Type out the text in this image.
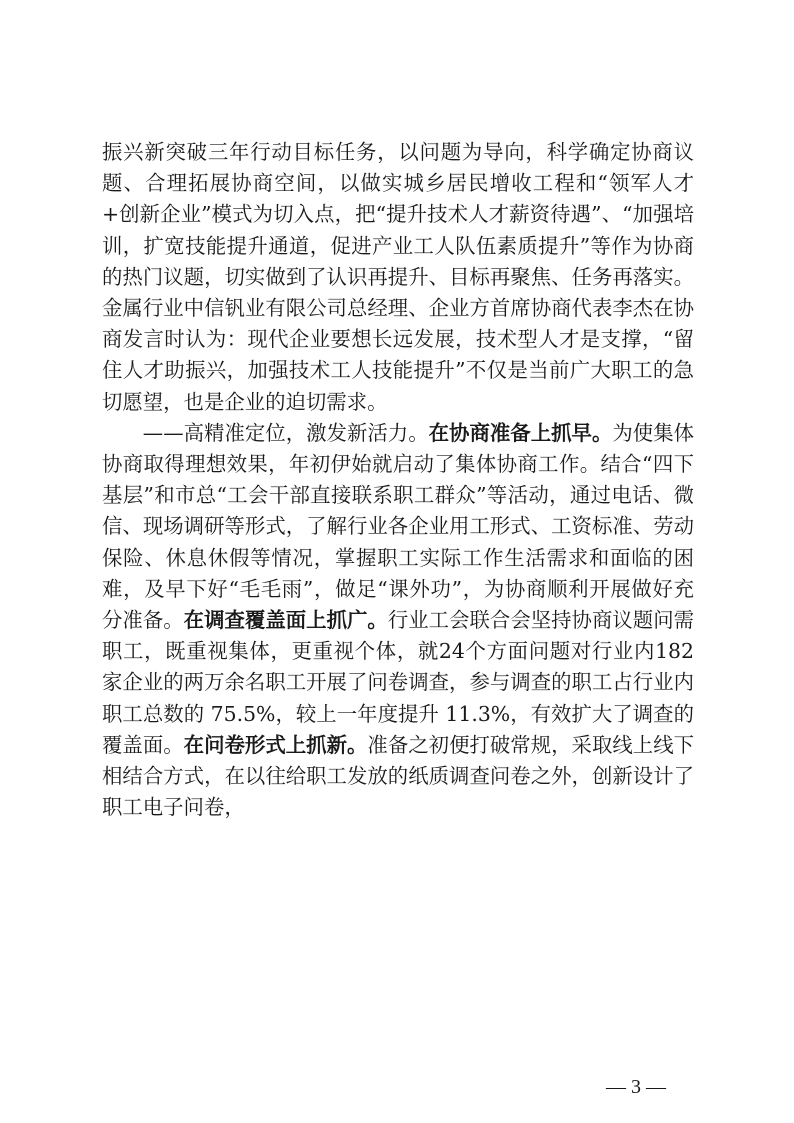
振兴新突破三年行动目标任务，以问题为导向，科学确定协商议题、合理拓展协商空间，以做实城乡居民增收工程和“领军人才+创新企业”模式为切入点，把“提升技术人才薪资待遇”、“加强培训，扩宽技能提升通道，促进产业工人队伍素质提升”等作为协商的热门议题，切实做到了认识再提升、目标再聚焦、任务再落实。金属行业中信钒业有限公司总经理、企业方首席协商代表李杰在协商发言时认为：现代企业要想长远发展，技术型人才是支撑，“留住人才助振兴，加强技术工人技能提升”不仅是当前广大职工的急切愿望，也是企业的迫切需求。

——高精准定位，激发新活力。在协商准备上抓早。为使集体协商取得理想效果，年初伊始就启动了集体协商工作。结合“四下基层”和市总“工会干部直接联系职工群众”等活动，通过电话、微信、现场调研等形式，了解行业各企业用工形式、工资标准、劳动保险、休息休假等情况，掌握职工实际工作生活需求和面临的困难，及早下好“毛毛雨”，做足“课外功”，为协商顺利开展做好充分准备。在调查覆盖面上抓广。行业工会联合会坚持协商议题问需职工，既重视集体，更重视个体，就24个方面问题对行业内182家企业的两万余名职工开展了问卷调查，参与调查的职工占行业内职工总数的 75.5%，较上一年度提升 11.3%，有效扩大了调查的覆盖面。在问卷形式上抓新。准备之初便打破常规，采取线上线下相结合方式，在以往给职工发放的纸质调查问卷之外，创新设计了职工电子问卷，

— 3 —
